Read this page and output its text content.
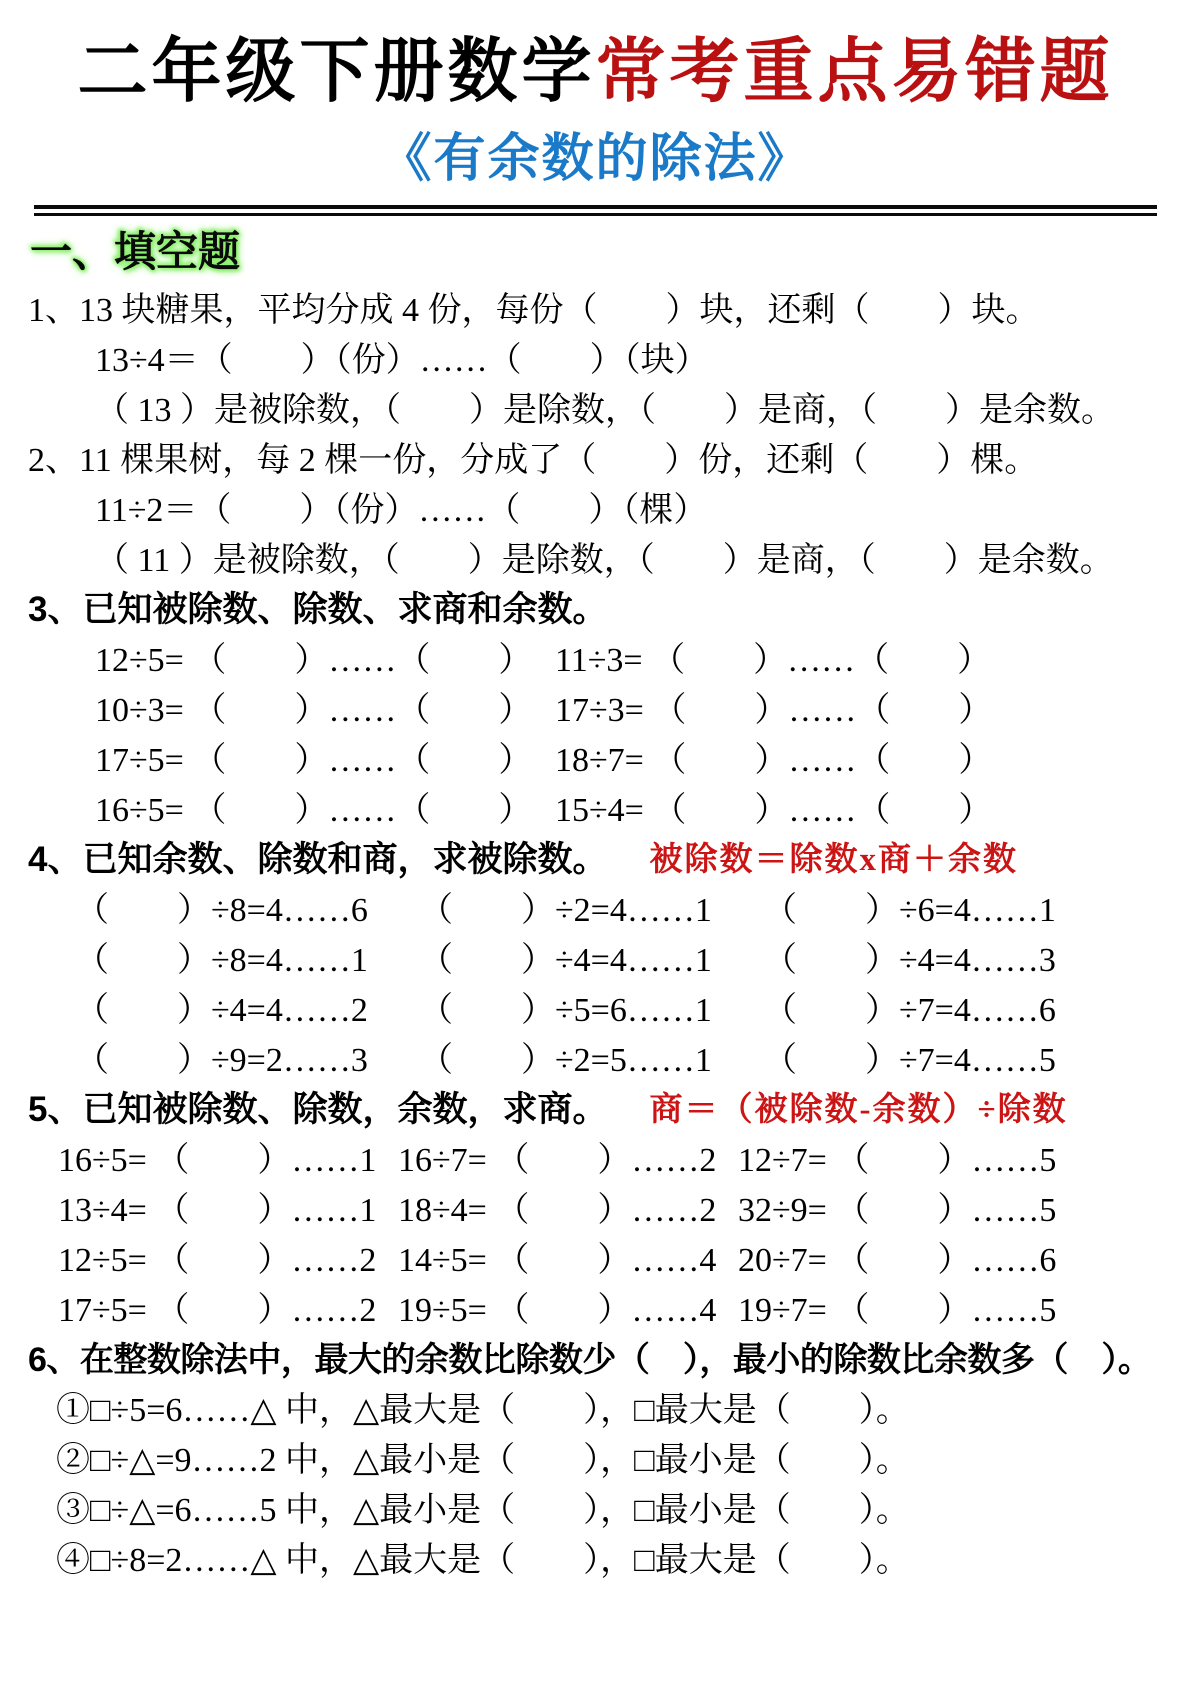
二年级下册数学常考重点易错题
《有余数的除法》
一、填空题
1、13 块糖果，平均分成 4 份，每份（　　）块，还剩（　　）块。
13÷4＝（　　）（份）……（　　）（块）
（ 13 ）是被除数，（　　）是除数，（　　）是商，（　　）是余数。
2、11 棵果树，每 2 棵一份，分成了（　　）份，还剩（　　）棵。
11÷2＝（　　）（份）……（　　）（棵）
（ 11 ）是被除数，（　　）是除数，（　　）是商，（　　）是余数。
3、已知被除数、除数、求商和余数。
12÷5= （　　）……（　　） 11÷3= （　　）……（　　）
10÷3= （　　）……（　　） 17÷3= （　　）……（　　）
17÷5= （　　）……（　　） 18÷7= （　　）……（　　）
16÷5= （　　）……（　　） 15÷4= （　　）……（　　）
4、已知余数、除数和商，求被除数。 被除数＝除数x商＋余数
（　　）÷8=4……6	（　　）÷2=4……1	（　　）÷6=4……1
（　　）÷8=4……1	（　　）÷4=4……1	（　　）÷4=4……3
（　　）÷4=4……2	（　　）÷5=6……1	（　　）÷7=4……6
（　　）÷9=2……3	（　　）÷2=5……1	（　　）÷7=4……5
5、已知被除数、除数，余数，求商。 商＝（被除数-余数）÷除数
16÷5= （　　）……1 16÷7= （　　）……2 12÷7= （　　）……5
13÷4= （　　）……1 18÷4= （　　）……2 32÷9= （　　）……5
12÷5= （　　）……2 14÷5= （　　）……4 20÷7= （　　）……6
17÷5= （　　）……2 19÷5= （　　）……4 19÷7= （　　）……5
6、在整数除法中，最大的余数比除数少（　），最小的除数比余数多（　）。
①□÷5=6……△ 中，△最大是（　　），□最大是（　　）。
②□÷△=9……2 中，△最小是（　　），□最小是（　　）。
③□÷△=6……5 中，△最小是（　　），□最小是（　　）。
④□÷8=2……△ 中，△最大是（　　），□最大是（　　）。
